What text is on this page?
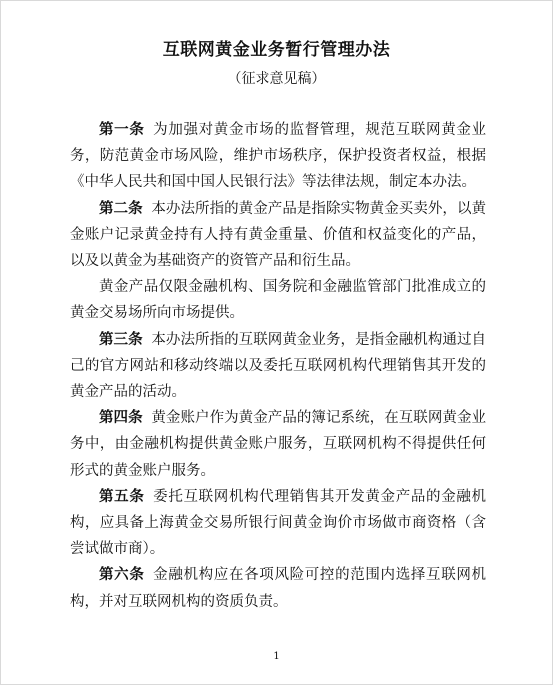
互联网黄金业务暂行管理办法
（征求意见稿）

第一条 为加强对黄金市场的监督管理，规范互联网黄金业务，防范黄金市场风险，维护市场秩序，保护投资者权益，根据《中华人民共和国中国人民银行法》等法律法规，制定本办法。

第二条 本办法所指的黄金产品是指除实物黄金买卖外，以黄金账户记录黄金持有人持有黄金重量、价值和权益变化的产品，以及以黄金为基础资产的资管产品和衍生品。

黄金产品仅限金融机构、国务院和金融监管部门批准成立的黄金交易场所向市场提供。

第三条 本办法所指的互联网黄金业务，是指金融机构通过自己的官方网站和移动终端以及委托互联网机构代理销售其开发的黄金产品的活动。

第四条 黄金账户作为黄金产品的簿记系统，在互联网黄金业务中，由金融机构提供黄金账户服务，互联网机构不得提供任何形式的黄金账户服务。

第五条 委托互联网机构代理销售其开发黄金产品的金融机构，应具备上海黄金交易所银行间黄金询价市场做市商资格（含尝试做市商）。

第六条 金融机构应在各项风险可控的范围内选择互联网机构，并对互联网机构的资质负责。

1
